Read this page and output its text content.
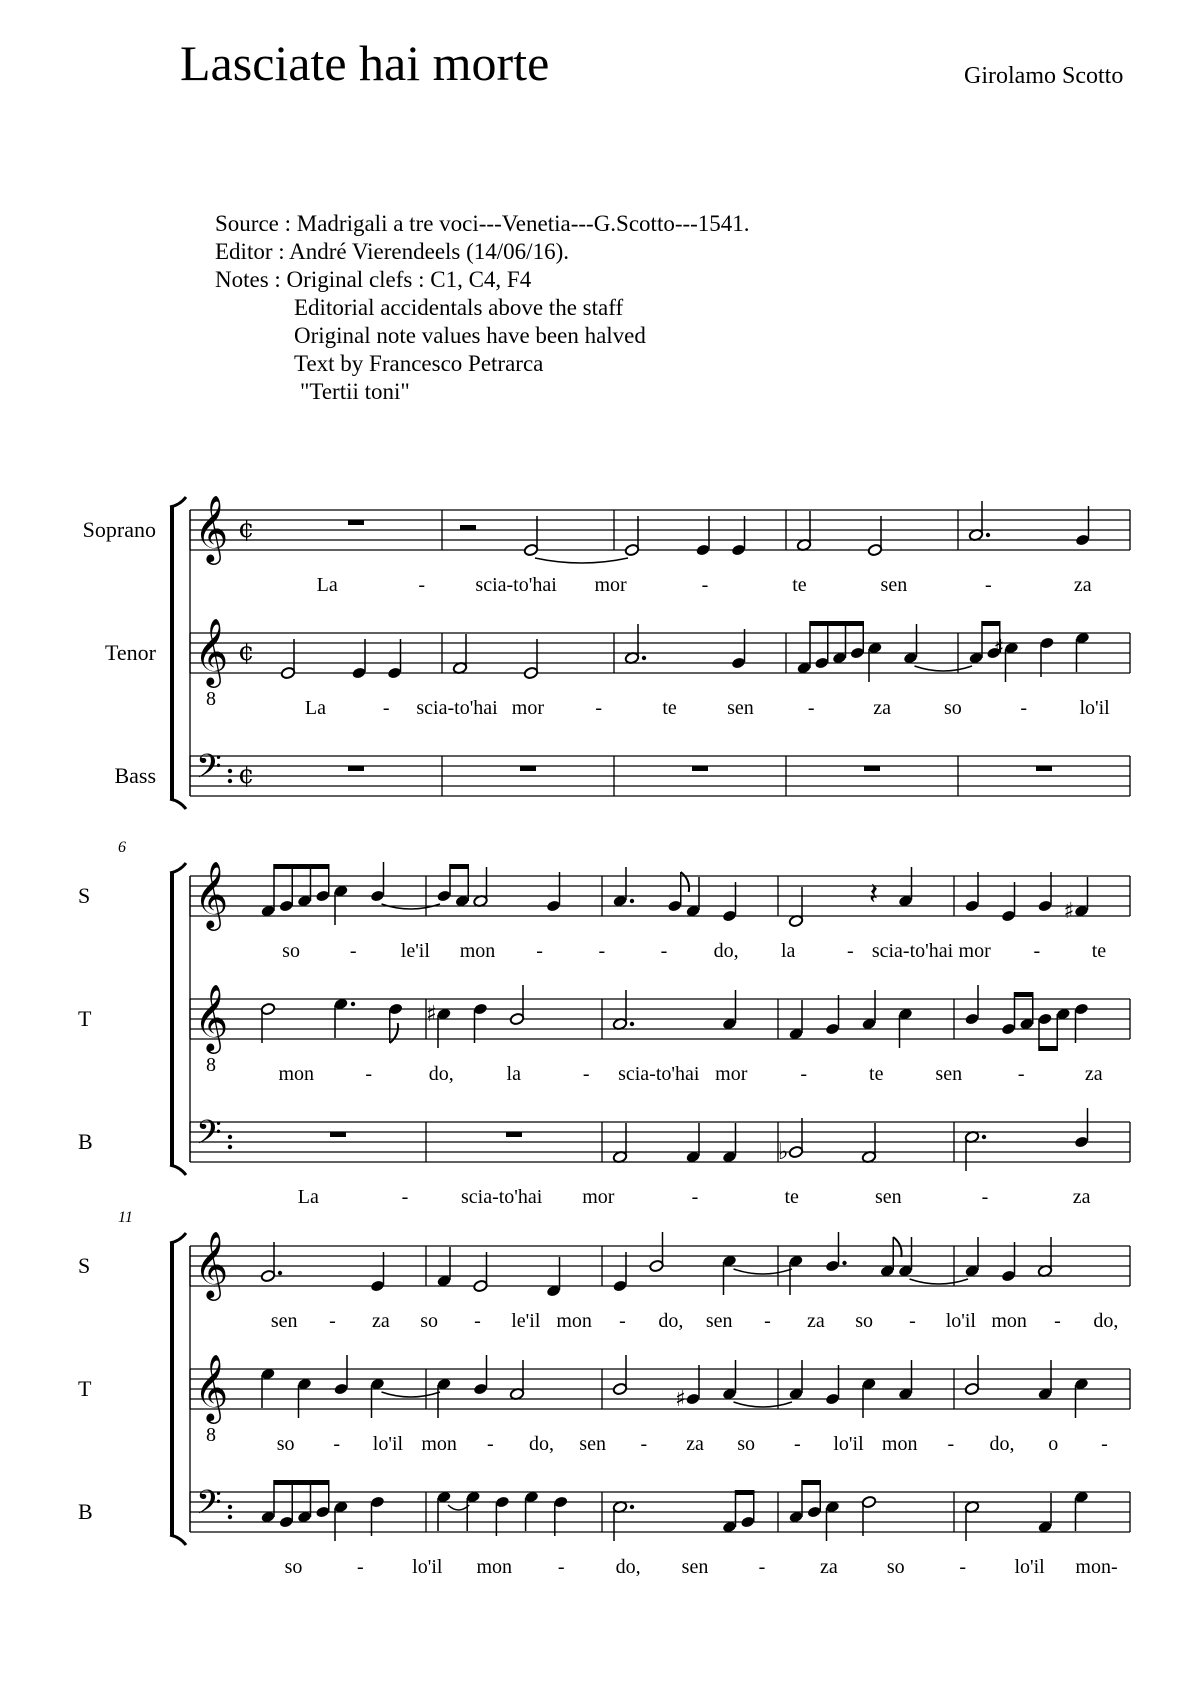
Lasciate hai morte	Girolamo Scotto
Source : Madrigali a tre voci---Venetia---G.Scotto---1541.
Editor : André Vierendeels (14/06/16).
Notes : Original clefs : C1, C4, F4
Editorial accidentals above the staff
Original note values have been halved
Text by Francesco Petrarca
"Tertii toni"
Soprano 𝄞 ¢
La	-	scia-to'hai mor	-	te	sen	-	za
Tenor 𝄞
8
¢	♯
La	- scia-to'hai mor	-	te	sen	-	za	so	-	lo'il
Bass 𝄢 ¢
S 𝄞	𝄽	♯
so - le'il mon -	-	- do, la	- scia-to'hai mor -	te
T 𝄞
8
♯
mon	-	do,	la	- scia-to'hai mor	-	te	sen	-	za
B	𝄢	♭
La	-	scia-to'hai mor	-	te	sen	-	za
6
S 𝄞
sen - za so - le'il mon - do, sen - za so - lo'il mon - do,
T 𝄞
8
♯
so - lo'il mon - do, sen - za so - lo'il mon - do, o -
B	𝄢
so	- lo'il mon -	do, sen	-	za so	- lo'il mon-
11
